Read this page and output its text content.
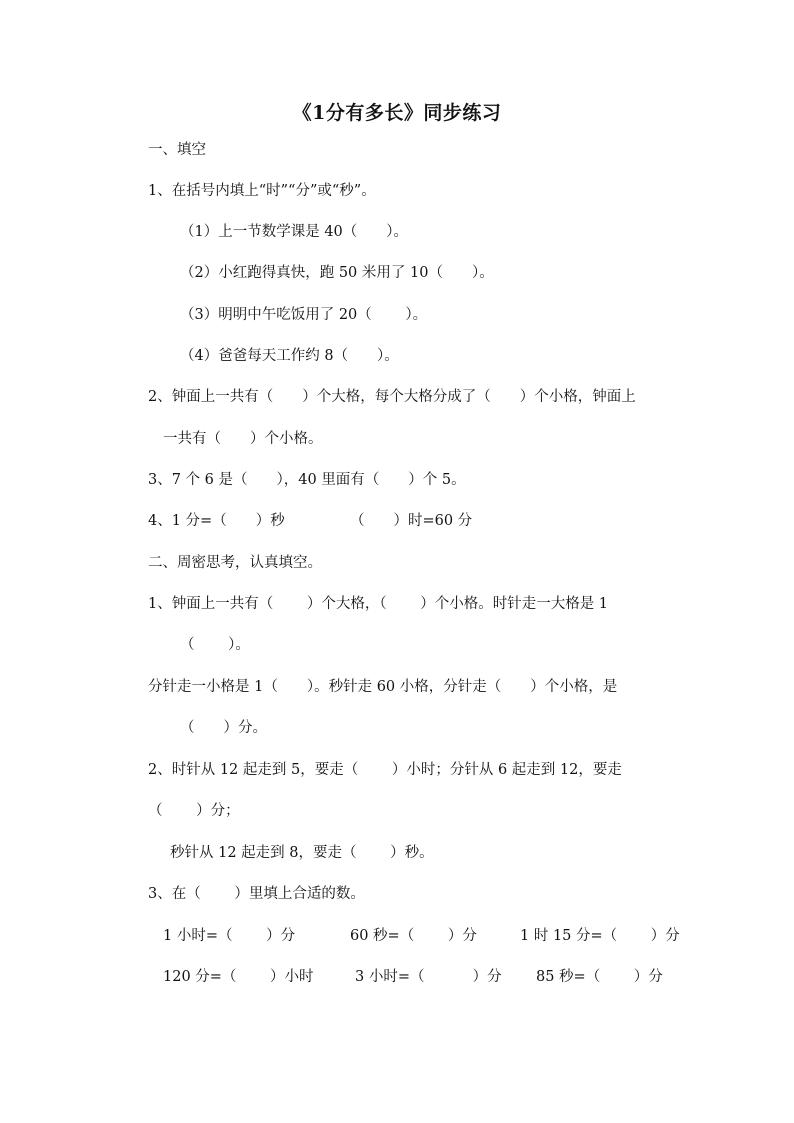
《1分有多长》同步练习
一、填空
1、在括号内填上“时”“分”或“秒”。
（1）上一节数学课是 40（　　）。
（2）小红跑得真快，跑 50 米用了 10（　　）。
（3）明明中午吃饭用了 20（　　 ）。
（4）爸爸每天工作约 8（　　）。
2、钟面上一共有（　　）个大格，每个大格分成了（　　）个小格，钟面上
一共有（　　）个小格。
3、7 个 6 是（　　），40 里面有（　　）个 5。
4、1 分=（　　）秒　　　　　（　　）时=60 分
二、周密思考，认真填空。
1、钟面上一共有（　　 ）个大格，（　　 ）个小格。时针走一大格是 1
（　　 ）。
分针走一小格是 1（　　）。秒针走 60 小格，分针走（　　）个小格，是
（　　）分。
2、时针从 12 起走到 5，要走（　　 ）小时；分针从 6 起走到 12，要走
（　　 ）分；
秒针从 12 起走到 8，要走（　　 ）秒。
3、在（　　 ）里填上合适的数。
1 小时=（　　 ）分	60 秒=（　　 ）分	1 时 15 分=（　　 ）分
120 分=（　　 ）小时	3 小时=（　　　 ）分 85 秒=（　　 ）分
